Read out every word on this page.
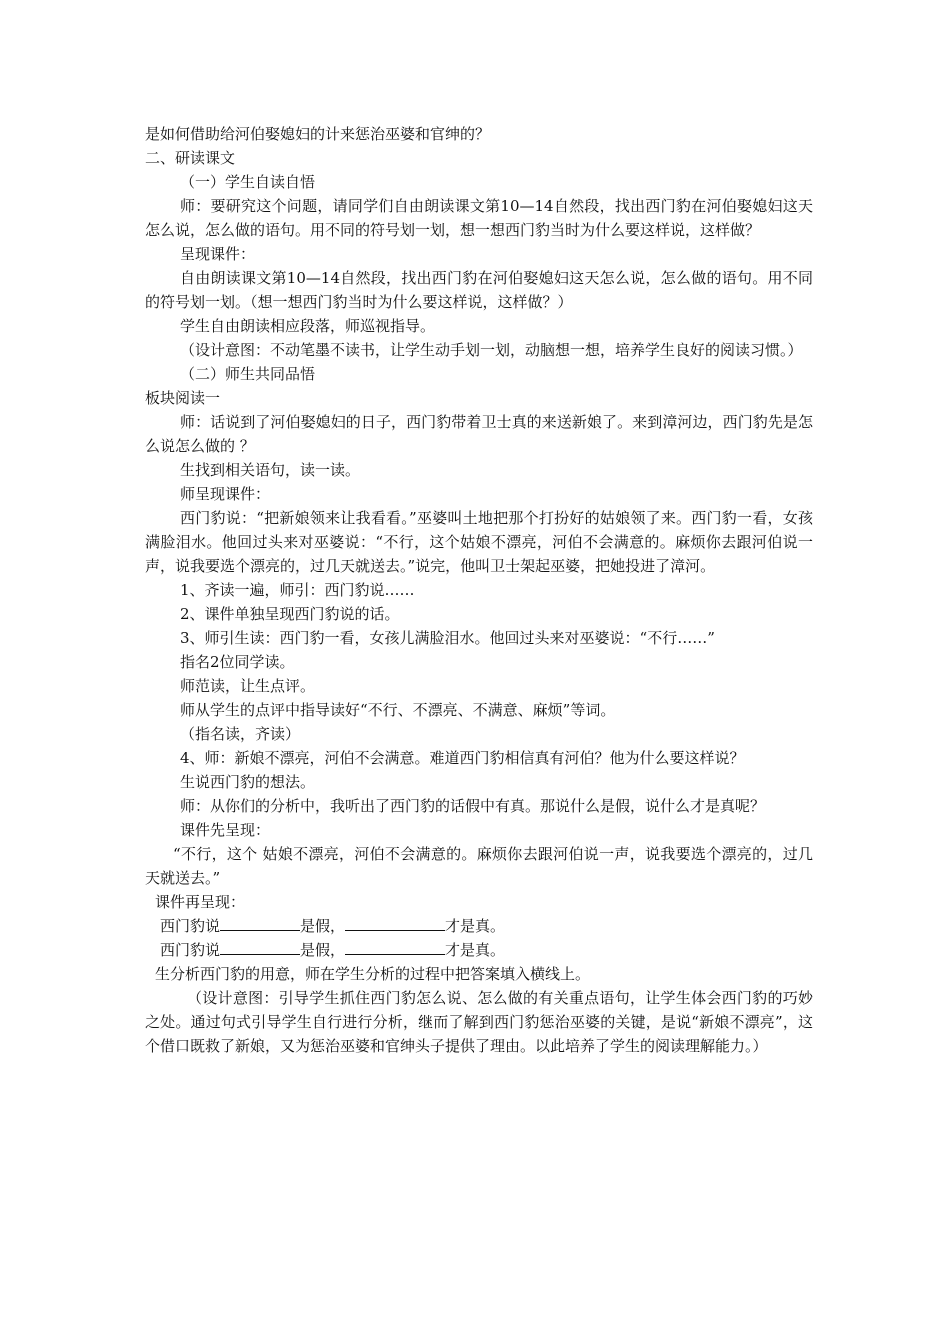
是如何借助给河伯娶媳妇的计来惩治巫婆和官绅的？

二、研读课文

（一）学生自读自悟

师：要研究这个问题，请同学们自由朗读课文第10—14自然段，找出西门豹在河伯娶媳妇这天怎么说，怎么做的语句。用不同的符号划一划，想一想西门豹当时为什么要这样说，这样做？

呈现课件：

自由朗读课文第10—14自然段，找出西门豹在河伯娶媳妇这天怎么说，怎么做的语句。用不同的符号划一划。（想一想西门豹当时为什么要这样说，这样做？）

学生自由朗读相应段落，师巡视指导。

（设计意图：不动笔墨不读书，让学生动手划一划，动脑想一想，培养学生良好的阅读习惯。）

（二）师生共同品悟

板块阅读一

师：话说到了河伯娶媳妇的日子，西门豹带着卫士真的来送新娘了。来到漳河边，西门豹先是怎么说怎么做的 ？

生找到相关语句，读一读。

师呈现课件：

西门豹说：“把新娘领来让我看看。”巫婆叫土地把那个打扮好的姑娘领了来。西门豹一看，女孩满脸泪水。他回过头来对巫婆说：“不行，这个姑娘不漂亮，河伯不会满意的。麻烦你去跟河伯说一声，说我要选个漂亮的，过几天就送去。”说完，他叫卫士架起巫婆，把她投进了漳河。

1、齐读一遍，师引：西门豹说……

2、课件单独呈现西门豹说的话。

3、师引生读：西门豹一看，女孩儿满脸泪水。他回过头来对巫婆说：“不行……”

指名2位同学读。

师范读，让生点评。

师从学生的点评中指导读好“不行、不漂亮、不满意、麻烦”等词。

（指名读，齐读）

4、师：新娘不漂亮，河伯不会满意。难道西门豹相信真有河伯？他为什么要这样说？

生说西门豹的想法。

师：从你们的分析中，我听出了西门豹的话假中有真。那说什么是假，说什么才是真呢？

课件先呈现：

“不行，这个 姑娘不漂亮，河伯不会满意的。麻烦你去跟河伯说一声，说我要选个漂亮的，过几天就送去。”

课件再呈现：

西门豹说	是假，	才是真。

西门豹说	是假，	才是真。

生分析西门豹的用意，师在学生分析的过程中把答案填入横线上。

（设计意图：引导学生抓住西门豹怎么说、怎么做的有关重点语句，让学生体会西门豹的巧妙之处。通过句式引导学生自行进行分析，继而了解到西门豹惩治巫婆的关键，是说“新娘不漂亮”，这个借口既救了新娘，又为惩治巫婆和官绅头子提供了理由。以此培养了学生的阅读理解能力。）
